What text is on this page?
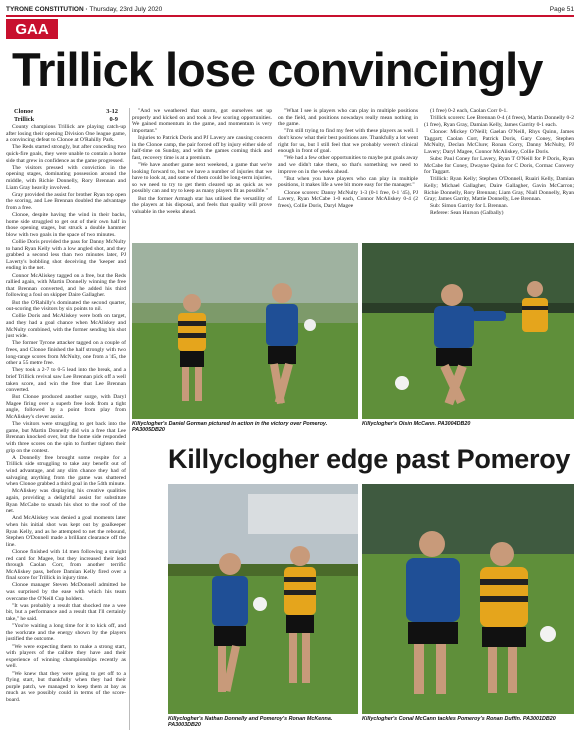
TYRONE CONSTITUTION · Thursday, 23rd July 2020	Page 51
GAA
Trillick lose convincingly
Clonoe	3-12
Trillick	0-9

County champions Trillick are playing catch-up after losing their opening Division One league game, a convincing defeat to Clonoe at O'Rahilly Park.

The Reds started strongly, but after conceding two quick-fire goals, they were unable to contain a home side that grew in confidence as the game progressed.

The visitors pressed with conviction in the opening stages, dominating possession around the middle, with Richie Donnelly, Rory Brennan and Liam Gray heavily involved.

Gray provided the assist for brother Ryan top open the scoring, and Lee Brennan doubled the advantage from a free.

Clonoe, despite having the wind in their backs, home side struggled to get out of their own half in those opening stages, but struck a double hammer blow with two goals in the space of two minutes.

Collie Doris provided the pass for Danny McNulty to hand Ryan Kelly with a low angled shot, and they grabbed a second less than two minutes later, PJ Laverty's bobbling shot deceiving the 'keeper and ending in the net.

Connor McAliskey tagged on a free, but the Reds rallied again, with Martin Donnelly winning the free that Brennan converted, and he added his third following a foul on skipper Daire Gallagher.

But the O'Rahilly's dominated the second quarter, out-scoring the visitors by six points to nil.

Collie Doris and McAliskey were both on target, and they had a goal chance when McAliskey and McNulty combined, with the former sending his shot just wide.

The former Tyrone attacker tagged on a couple of frees, and Clonoe finished the half strongly with two long-range scores from McNulty, one from a '45, the other a 55 metre free.

They took a 2-7 to 0-5 lead into the break, and a brief Trillick revival saw Lee Brennan pick off a well taken score, and win the free that Lee Brennan converted.

But Clonoe produced another surge, with Daryl Magee firing over a superb free look from a tight angle, followed by a point from play from McAliskey's clever assist.

The visitors were struggling to get back into the game, but Martin Donnelly did win a free that Lee Brennan knocked over, but the home side responded with three scores on the spin to further tighten their grip on the contest.

A Donnelly free brought some respite for a Trillick side struggling to take any benefit out of wind advantage, and any slim chance they had of salvaging anything from the game was shattered when Clonoe grabbed a third goal in the 54th minute.

McAliskey was displaying his creative qualities again, providing a delightful assist for substitute Ryan McCabe to smash his shot to the roof of the net.

And McAliskey was denied a goal moments later when his initial shot was kept out by goalkeeper Ryan Kelly, and as he attempted to net the rebound, Stephen O'Donnell made a brilliant clearance off the line.

Clonoe finished with 14 men following a straight red card for Magee, but they increased their lead through Caolan Corr, from another terrific McAliskey pass, before Damian Kelly fired over a final score for Trillick in injury time.

Clonoe manager Steven McDonnell admitted he was surprised by the ease with which his team overcame the O'Neill Cup holders.

"It was probably a result that shocked me a wee bit, but a performance and a result that I'll certainly take," he said.

"You're waiting a long time for it to kick off, and the workrate and the energy shown by the players justified the outcome.

"We were expecting them to make a strong start, with players of the calibre they have and their experience of winning championships recently as well.

"We knew that they were going to get off to a flying start, but thankfully when they had their purple patch, we managed to keep them at bay as much as we possibly could in terms of the score-board.

"And we weathered that storm, got ourselves set up properly and kicked on and took a few scoring opportunities. We gained momentum in the game, and momentum is very important."

Injuries to Patrick Doris and PJ Lavery are causing concern in the Clonoe camp, the pair forced off by injury either side of half-time on Sunday, and with the games coming thick and fast, recovery time is at a premium.

"We have another game next weekend, a game that we're looking forward to, but we have a number of injuries that we have to look at, and some of them could be long-term injuries, so we need to try to get them cleared up as quick as we possibly can and try to keep as many players fit as possible."

But the former Armagh star has utilised the versatility of the players at his disposal, and feels that quality will prove valuable in the weeks ahead.

"What I see is players who can play in multiple positions on the field, and positions nowadays really mean nothing in the game.

"I'm still trying to find my feet with these players as well. I don't know what their best positions are. Thankfully a lot went right for us, but I still feel that we probably weren't clinical enough in front of goal.

"We had a few other opportunities to maybe put goals away and we didn't take them, so that's something we need to improve on in the weeks ahead.

"But when you have players who can play in multiple positions, it makes life a wee bit more easy for the manager."

Clonoe scorers: Danny McNulty 1-3 (0-1 free, 0-1 '45), PJ Lavery, Ryan McCabe 1-0 each, Connor McAliskey 0-4 (2 frees), Collie Doris, Daryl Magee

(1 free) 0-2 each, Caolan Corr 0-1.

Trillick scorers: Lee Brennan 0-4 (4 frees), Martin Donnelly 0-2 (1 free), Ryan Gray, Damian Kelly, James Garrity 0-1 each.

Clonoe: Mickey O'Neill; Gaelan O'Neill, Rhys Quinn, James Taggart; Caolan Corr, Patrick Doris, Gary Coney, Stephen McNulty, Declan McClure; Ronan Corry, Danny McNulty, PJ Lavery; Daryl Magee, Connor McAliskey, Collie Doris.

Subs: Paul Coney for Lavery, Ryan T O'Neill for P Doris, Ryan McCabe for Coney, Dwayne Quinn for C Doris, Cormac Convery for Taggart.

Trillick: Ryan Kelly; Stephen O'Donnell, Ruairi Kelly, Damian Kelly; Michael Gallagher, Daire Gallagher, Gavin McCarron; Richie Donnelly, Rory Brennan; Liam Gray, Niall Donnelly, Ryan Gray; James Garrity, Mattie Donnelly, Lee Brennan.

Sub: Simon Garrity for L Brennan.

Referee: Sean Hurson (Galbally)

Killyclogher's Daniel Gorman pictured in action in the victory over Pomeroy. PA3005DB20
Killyclogher's Oisin McCann. PA3004DB20
Killyclogher edge past Pomeroy
Killyclogher's Nathan Donnelly and Pomeroy's Ronan McKenna. PA3003DB20
Killyclogher's Conal McCann tackles Pomeroy's Ronan Duffin. PA3001DB20
